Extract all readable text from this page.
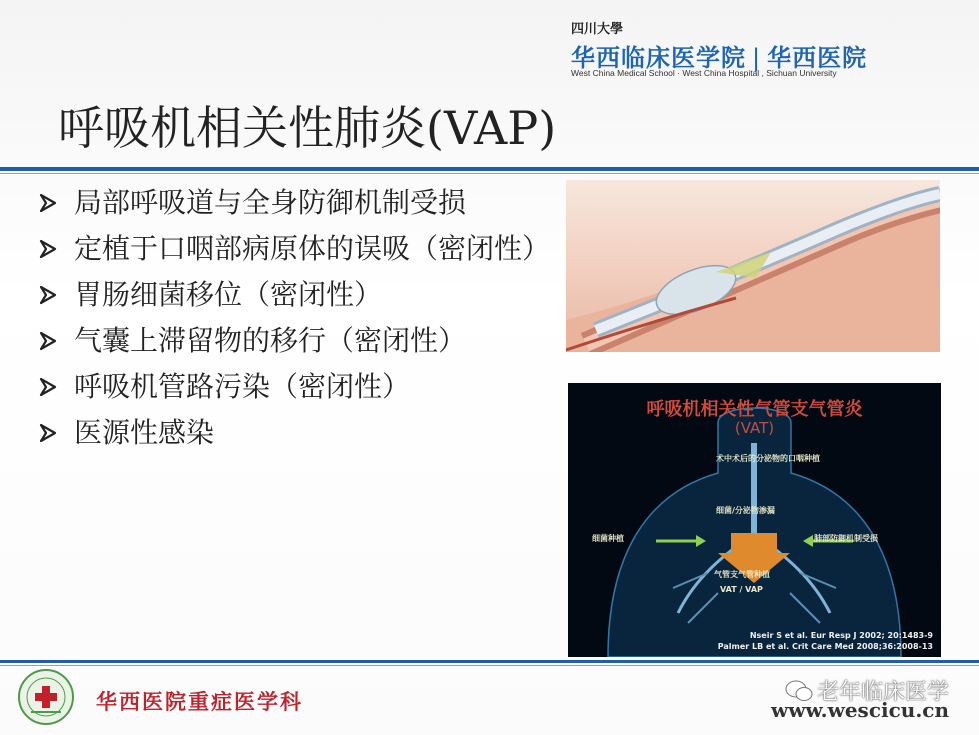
四川大學
华西临床医学院 | 华西医院
West China Medical School · West China Hospital , Sichuan University
呼吸机相关性肺炎(VAP)
局部呼吸道与全身防御机制受损
定植于口咽部病原体的误吸（密闭性）
胃肠细菌移位（密闭性）
气囊上滞留物的移行（密闭性）
呼吸机管路污染（密闭性）
医源性感染
呼吸机相关性气管支气管炎
(VAT)
术中术后的分泌物的口咽种植
细菌/分泌物渗漏
细菌种植	肺部防御机制受损
气管支气管种植
VAT / VAP
Nseir S et al. Eur Resp J 2002; 20:1483-9
Palmer LB et al. Crit Care Med 2008;36:2008-13
华西医院重症医学科	老年临床医学
www.wescicu.cn
